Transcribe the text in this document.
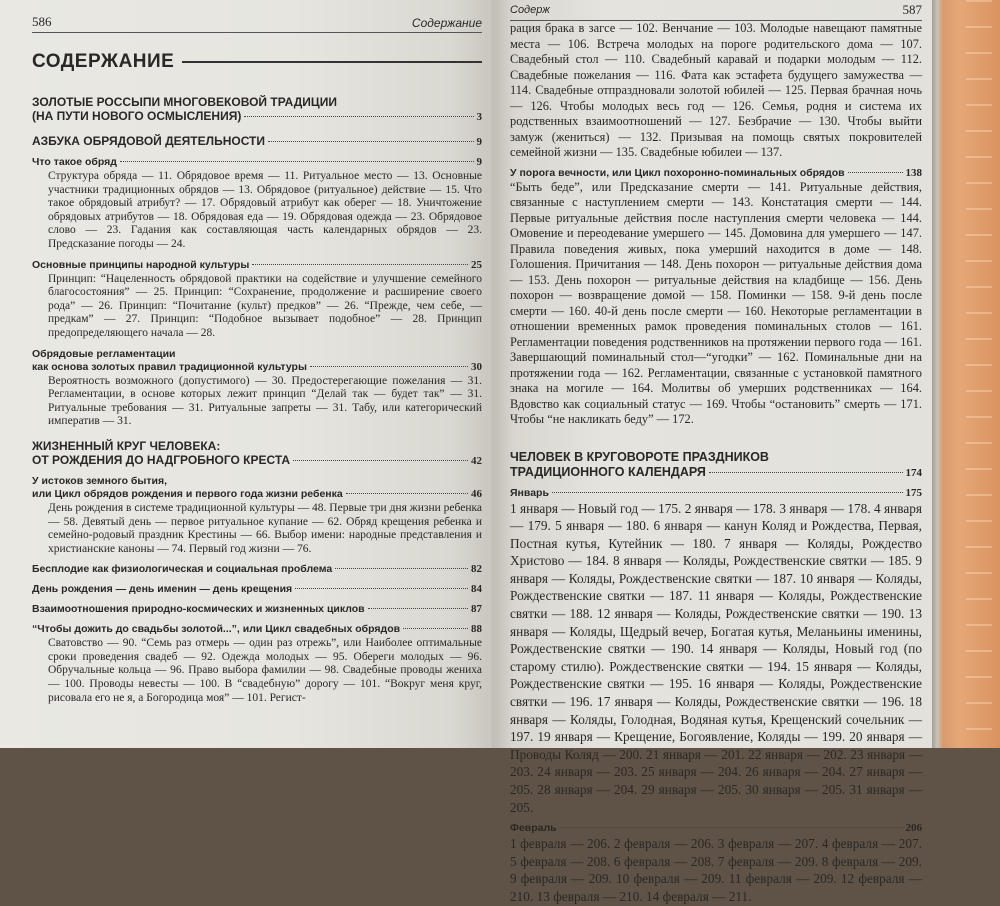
586	Содержание
СОДЕРЖАНИЕ
ЗОЛОТЫЕ РОССЫПИ МНОГОВЕКОВОЙ ТРАДИЦИИ
(НА ПУТИ НОВОГО ОСМЫСЛЕНИЯ)	3
АЗБУКА ОБРЯДОВОЙ ДЕЯТЕЛЬНОСТИ	9
Что такое обряд	9
Структура обряда — 11. Обрядовое время — 11. Ритуальное место — 13. Основные участники традиционных обрядов — 13. Обрядовое (ритуальное) действие — 15. Что такое обрядовый атрибут? — 17. Обрядовый атрибут как оберег — 18. Уничтожение обрядовых атрибутов — 18. Обрядовая еда — 19. Обрядовая одежда — 23. Обрядовое слово — 23. Гадания как составляющая часть календарных обрядов — 23. Предсказание погоды — 24.
Основные принципы народной культуры	25
Принцип: “Нацеленность обрядовой практики на содействие и улучшение семейного благосостояния” — 25. Принцип: “Сохранение, продолжение и расширение своего рода” — 26. Принцип: “Почитание (культ) предков” — 26. “Прежде, чем себе, — предкам” — 27. Принцип: “Подобное вызывает подобное” — 28. Принцип предопределяющего начала — 28.
Обрядовые регламентации
как основа золотых правил традиционной культуры	30
Вероятность возможного (допустимого) — 30. Предостерегающие пожелания — 31. Регламентации, в основе которых лежит принцип “Делай так — будет так” — 31. Ритуальные требования — 31. Ритуальные запреты — 31. Табу, или категорический императив — 31.
ЖИЗНЕННЫЙ КРУГ ЧЕЛОВЕКА:
ОТ РОЖДЕНИЯ ДО НАДГРОБНОГО КРЕСТА	42
У истоков земного бытия,
или Цикл обрядов рождения и первого года жизни ребенка	46
День рождения в системе традиционной культуры — 48. Первые три дня жизни ребенка — 58. Девятый день — первое ритуальное купание — 62. Обряд крещения ребенка и семейно-родовый праздник Крестины — 66. Выбор имени: народные представления и христианские каноны — 74. Первый год жизни — 76.
Бесплодие как физиологическая и социальная проблема	82
День рождения — день именин — день крещения	84
Взаимоотношения природно-космических и жизненных циклов	87
“Чтобы дожить до свадьбы золотой...”, или Цикл свадебных обрядов	88
Сватовство — 90. “Семь раз отмерь — один раз отрежь”, или Наиболее оптимальные сроки проведения свадеб — 92. Одежда молодых — 95. Обереги молодых — 96. Обручальные кольца — 96. Право выбора фамилии — 98. Свадебные проводы жениха — 100. Проводы невесты — 100. В “свадебную” дорогу — 101. “Вокруг меня круг, рисовала его не я, а Богородица моя” — 101. Регист-
Содерж	587
рация брака в загсе — 102. Венчание — 103. Молодые навещают памятные места — 106. Встреча молодых на пороге родительского дома — 107. Свадебный стол — 110. Свадебный каравай и подарки молодым — 112. Свадебные пожелания — 116. Фата как эстафета будущего замужества — 114. Свадебные отпраздновали золотой юбилей — 125. Первая брачная ночь — 126. Чтобы молодых весь год — 126. Семья, родня и система их родственных взаимоотношений — 127. Безбрачие — 130. Чтобы выйти замуж (жениться) — 132. Призывая на помощь святых покровителей семейной жизни — 135. Свадебные юбилеи — 137.
У порога вечности, или Цикл похоронно-поминальных обрядов	138
“Быть беде”, или Предсказание смерти — 141. Ритуальные действия, связанные с наступлением смерти — 143. Констатация смерти — 144. Первые ритуальные действия после наступления смерти человека — 144. Омовение и переодевание умершего — 145. Домовина для умершего — 147. Правила поведения живых, пока умерший находится в доме — 148. Голошения. Причитания — 148. День похорон — ритуальные действия дома — 153. День похорон — ритуальные действия на кладбище — 156. День похорон — возвращение домой — 158. Поминки — 158. 9-й день после смерти — 160. 40-й день после смерти — 160. Некоторые регламентации в отношении временных рамок проведения поминальных столов — 161. Регламентации поведения родственников на протяжении первого года — 161. Завершающий поминальный стол—“угодки” — 162. Поминальные дни на протяжении года — 162. Регламентации, связанные с установкой памятного знака на могиле — 164. Молитвы об умерших родственниках — 164. Вдовство как социальный статус — 169. Чтобы “остановить” смерть — 171. Чтобы “не накликать беду” — 172.
ЧЕЛОВЕК В КРУГОВОРОТЕ ПРАЗДНИКОВ
ТРАДИЦИОННОГО КАЛЕНДАРЯ	174
Январь	175
1 января — Новый год — 175. 2 января — 178. 3 января — 178. 4 января — 179. 5 января — 180. 6 января — канун Коляд и Рождества, Первая, Постная кутья, Кутейник — 180. 7 января — Коляды, Рождество Христово — 184. 8 января — Коляды, Рождественские святки — 185. 9 января — Коляды, Рождественские святки — 187. 10 января — Коляды, Рождественские святки — 187. 11 января — Коляды, Рождественские святки — 188. 12 января — Коляды, Рождественские святки — 190. 13 января — Коляды, Щедрый вечер, Богатая кутья, Меланьины именины, Рождественские святки — 190. 14 января — Коляды, Новый год (по старому стилю). Рождественские святки — 194. 15 января — Коляды, Рождественские святки — 195. 16 января — Коляды, Рождественские святки — 196. 17 января — Коляды, Рождественские святки — 196. 18 января — Коляды, Голодная, Водяная кутья, Крещенский сочельник — 197. 19 января — Крещение, Богоявление, Коляды — 199. 20 января — Проводы Коляд — 200. 21 января — 201. 22 января — 202. 23 января — 203. 24 января — 203. 25 января — 204. 26 января — 204. 27 января — 205. 28 января — 204. 29 января — 205. 30 января — 205. 31 января — 205.
Февраль	206
1 февраля — 206. 2 февраля — 206. 3 февраля — 207. 4 февраля — 207. 5 февраля — 208. 6 февраля — 208. 7 февраля — 209. 8 февраля — 209. 9 февраля — 209. 10 февраля — 209. 11 февраля — 209. 12 февраля — 210. 13 февраля — 210. 14 февраля — 211.
